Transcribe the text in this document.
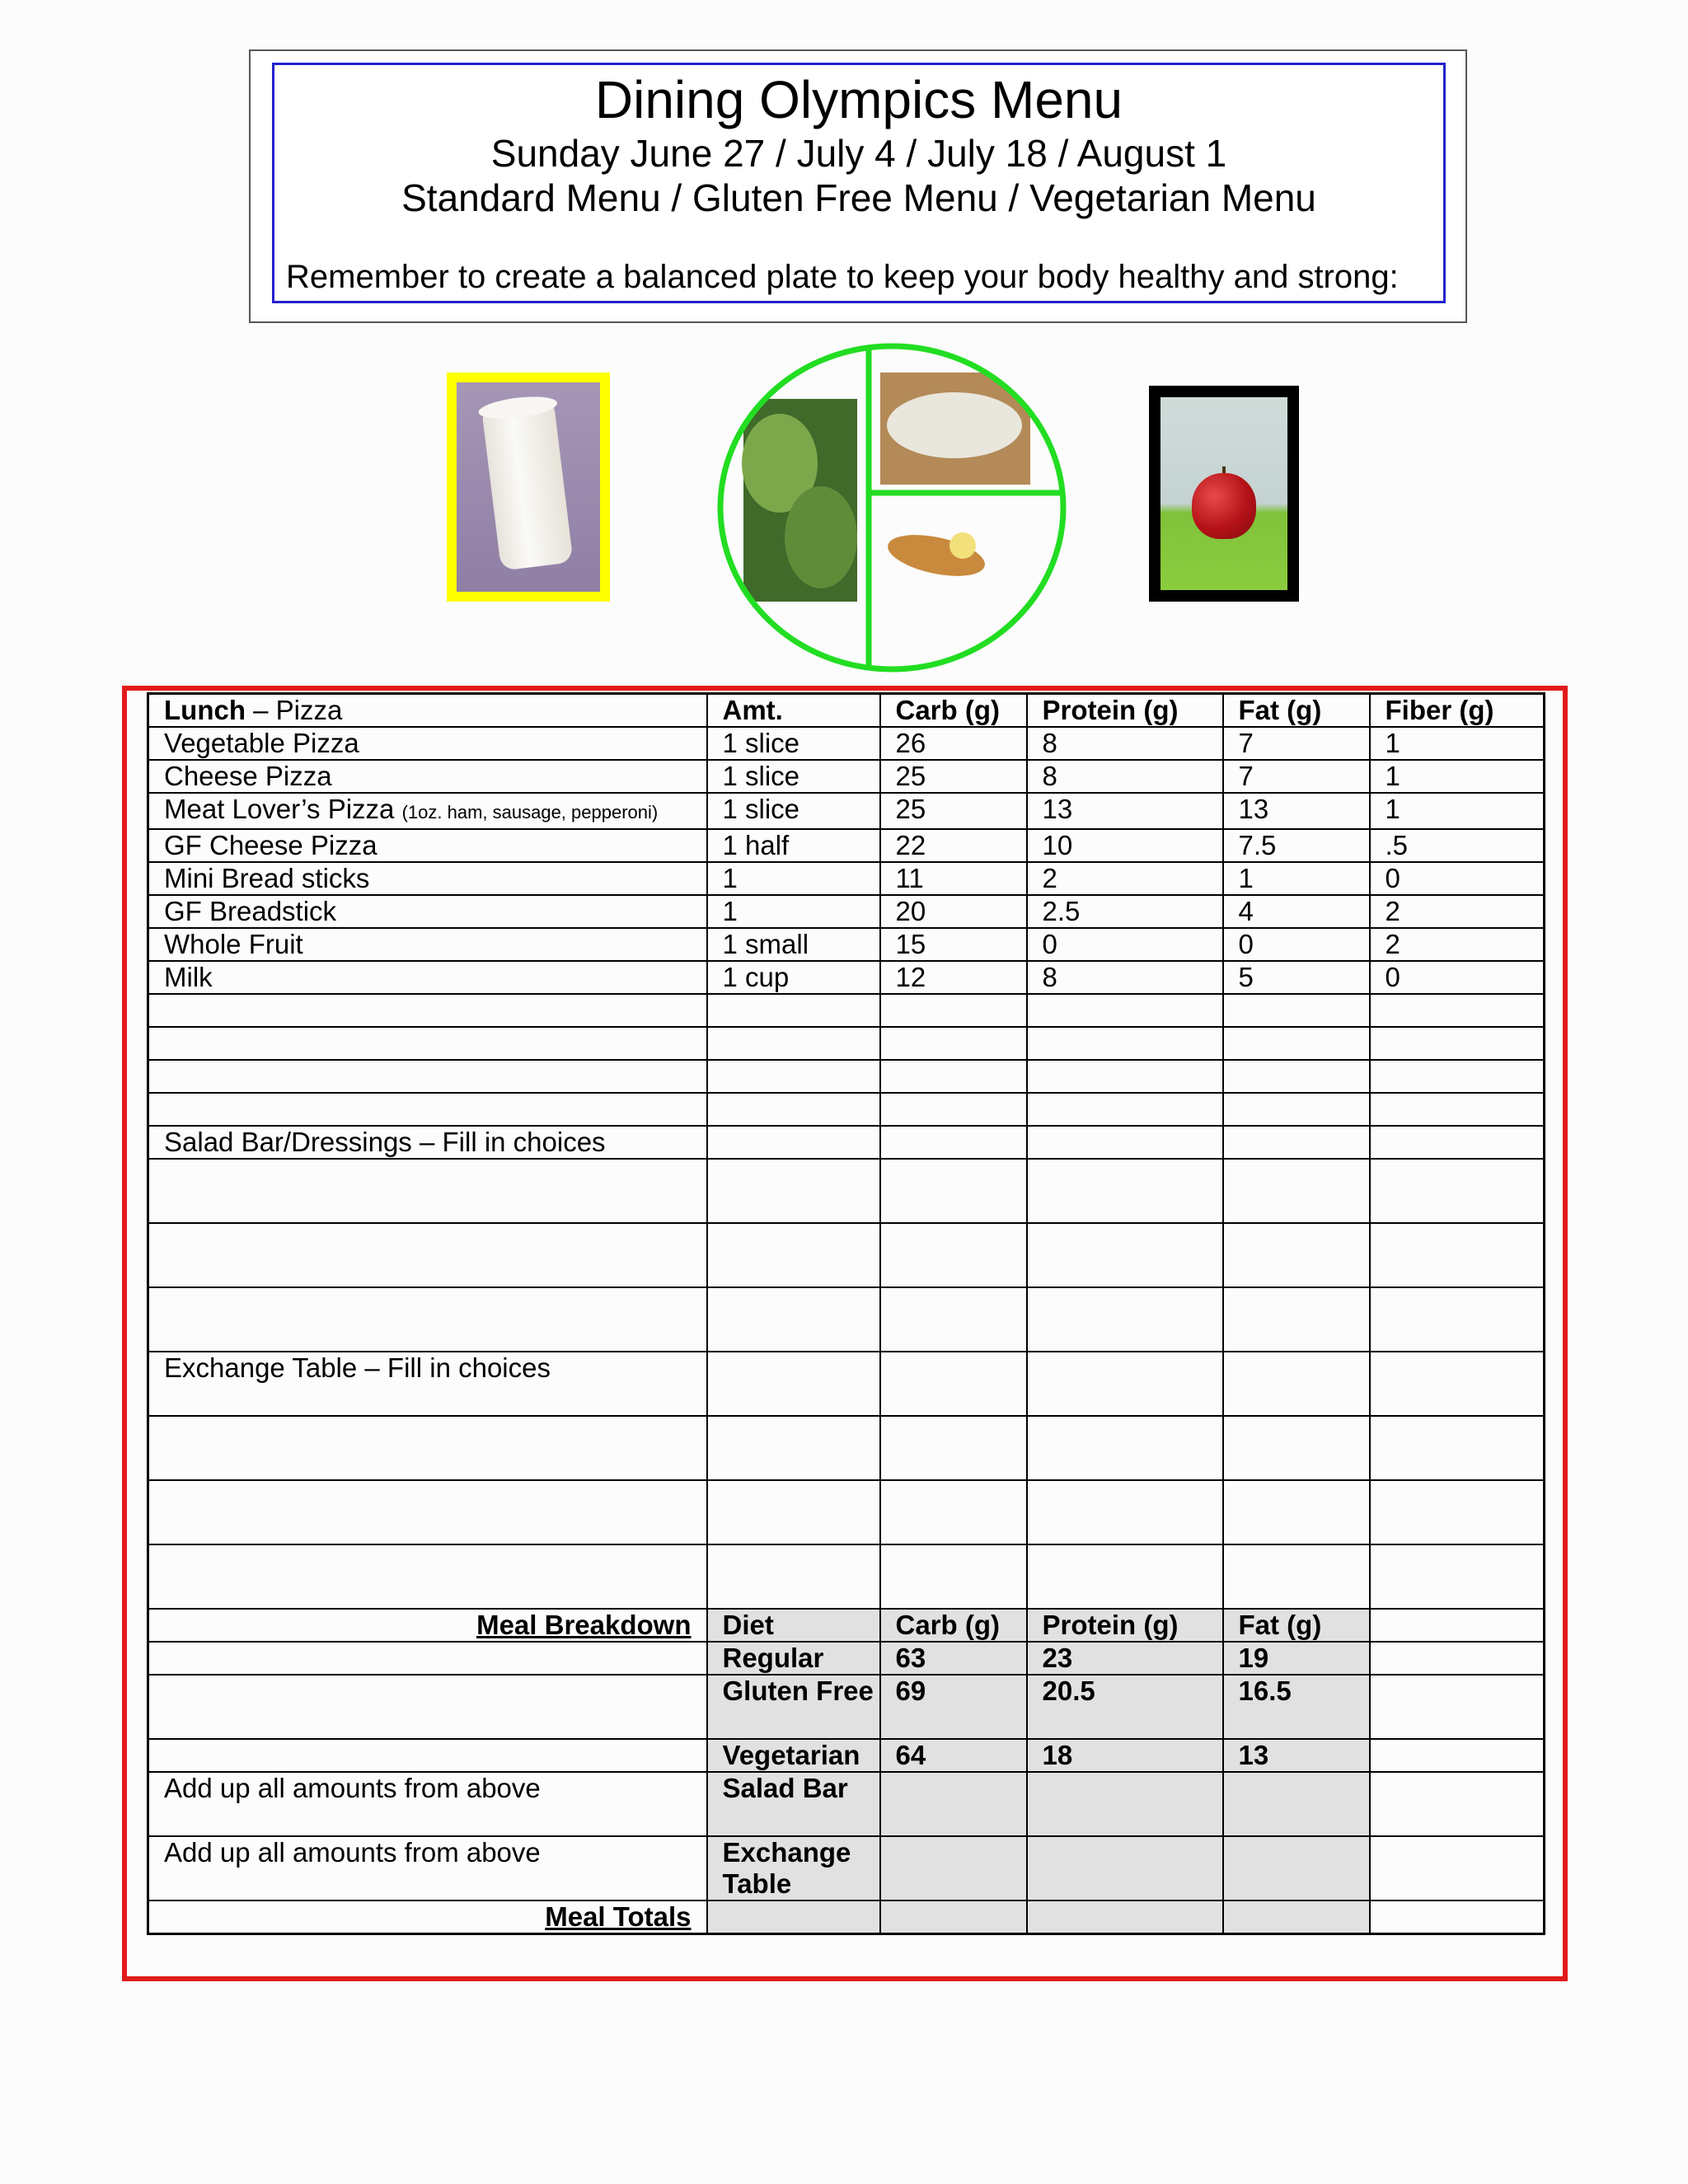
Dining Olympics Menu
Sunday June 27 / July 4 / July 18 / August 1
Standard Menu / Gluten Free Menu / Vegetarian Menu
Remember to create a balanced plate to keep your body healthy and strong:
Lunch – Pizza	Amt.	Carb (g)	Protein (g)	Fat (g)	Fiber (g)
Vegetable Pizza	1 slice	26	8	7	1
Cheese Pizza	1 slice	25	8	7	1
Meat Lover’s Pizza (1oz. ham, sausage, pepperoni)	1 slice	25	13	13	1
GF Cheese Pizza	1 half	22	10	7.5	.5
Mini Bread sticks	1	11	2	1	0
GF Breadstick	1	20	2.5	4	2
Whole Fruit	1 small	15	0	0	2
Milk	1 cup	12	8	5	0

Salad Bar/Dressings – Fill in choices					

Exchange Table – Fill in choices					

Meal Breakdown	Diet	Carb (g)	Protein (g)	Fat (g)	
	Regular	63	23	19	
	Gluten Free	69	20.5	16.5	
	Vegetarian	64	18	13	
Add up all amounts from above	Salad Bar				
Add up all amounts from above	Exchange Table				
Meal Totals					
